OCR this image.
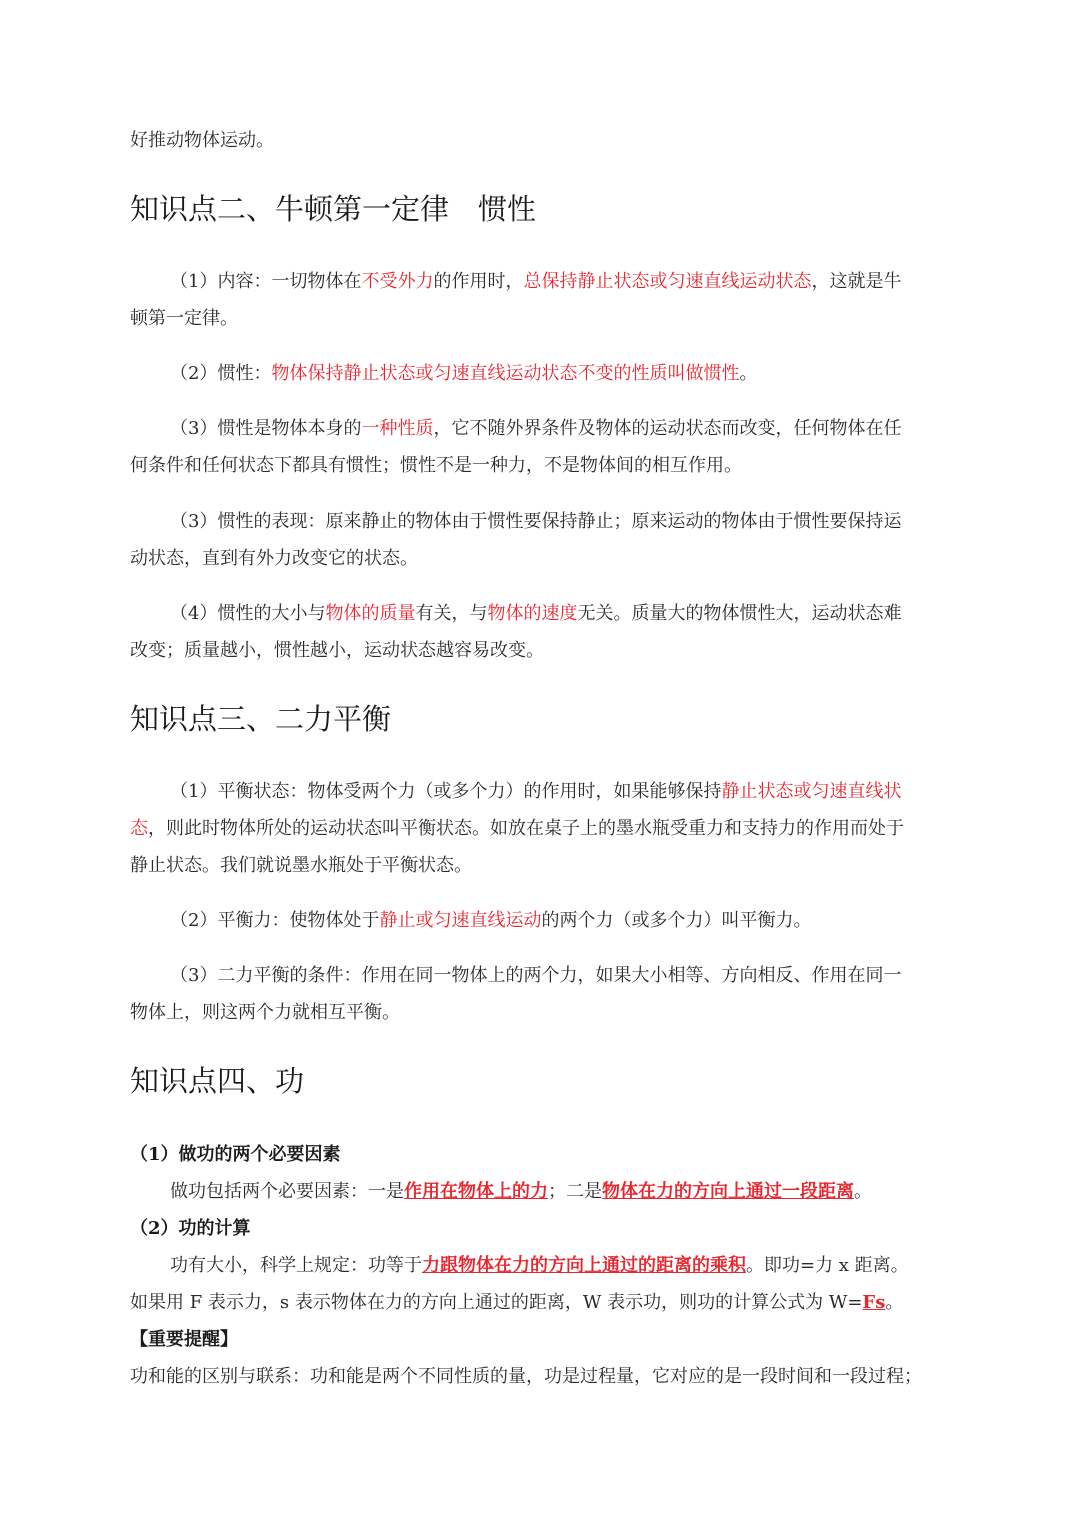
好推动物体运动。
知识点二、牛顿第一定律　惯性
（1）内容：一切物体在不受外力的作用时，总保持静止状态或匀速直线运动状态，这就是牛
顿第一定律。
（2）惯性：物体保持静止状态或匀速直线运动状态不变的性质叫做惯性。
（3）惯性是物体本身的一种性质，它不随外界条件及物体的运动状态而改变，任何物体在任
何条件和任何状态下都具有惯性；惯性不是一种力，不是物体间的相互作用。
（3）惯性的表现：原来静止的物体由于惯性要保持静止；原来运动的物体由于惯性要保持运
动状态，直到有外力改变它的状态。
（4）惯性的大小与物体的质量有关，与物体的速度无关。质量大的物体惯性大，运动状态难
改变；质量越小，惯性越小，运动状态越容易改变。
知识点三、二力平衡
（1）平衡状态：物体受两个力（或多个力）的作用时，如果能够保持静止状态或匀速直线状
态，则此时物体所处的运动状态叫平衡状态。如放在桌子上的墨水瓶受重力和支持力的作用而处于
静止状态。我们就说墨水瓶处于平衡状态。
（2）平衡力：使物体处于静止或匀速直线运动的两个力（或多个力）叫平衡力。
（3）二力平衡的条件：作用在同一物体上的两个力，如果大小相等、方向相反、作用在同一
物体上，则这两个力就相互平衡。
知识点四、功
（1）做功的两个必要因素
做功包括两个必要因素：一是作用在物体上的力；二是物体在力的方向上通过一段距离。
（2）功的计算
功有大小，科学上规定：功等于力跟物体在力的方向上通过的距离的乘积。即功=力 x 距离。
如果用 F 表示力，s 表示物体在力的方向上通过的距离，W 表示功，则功的计算公式为 W=Fs。
【重要提醒】
功和能的区别与联系：功和能是两个不同性质的量，功是过程量，它对应的是一段时间和一段过程；
